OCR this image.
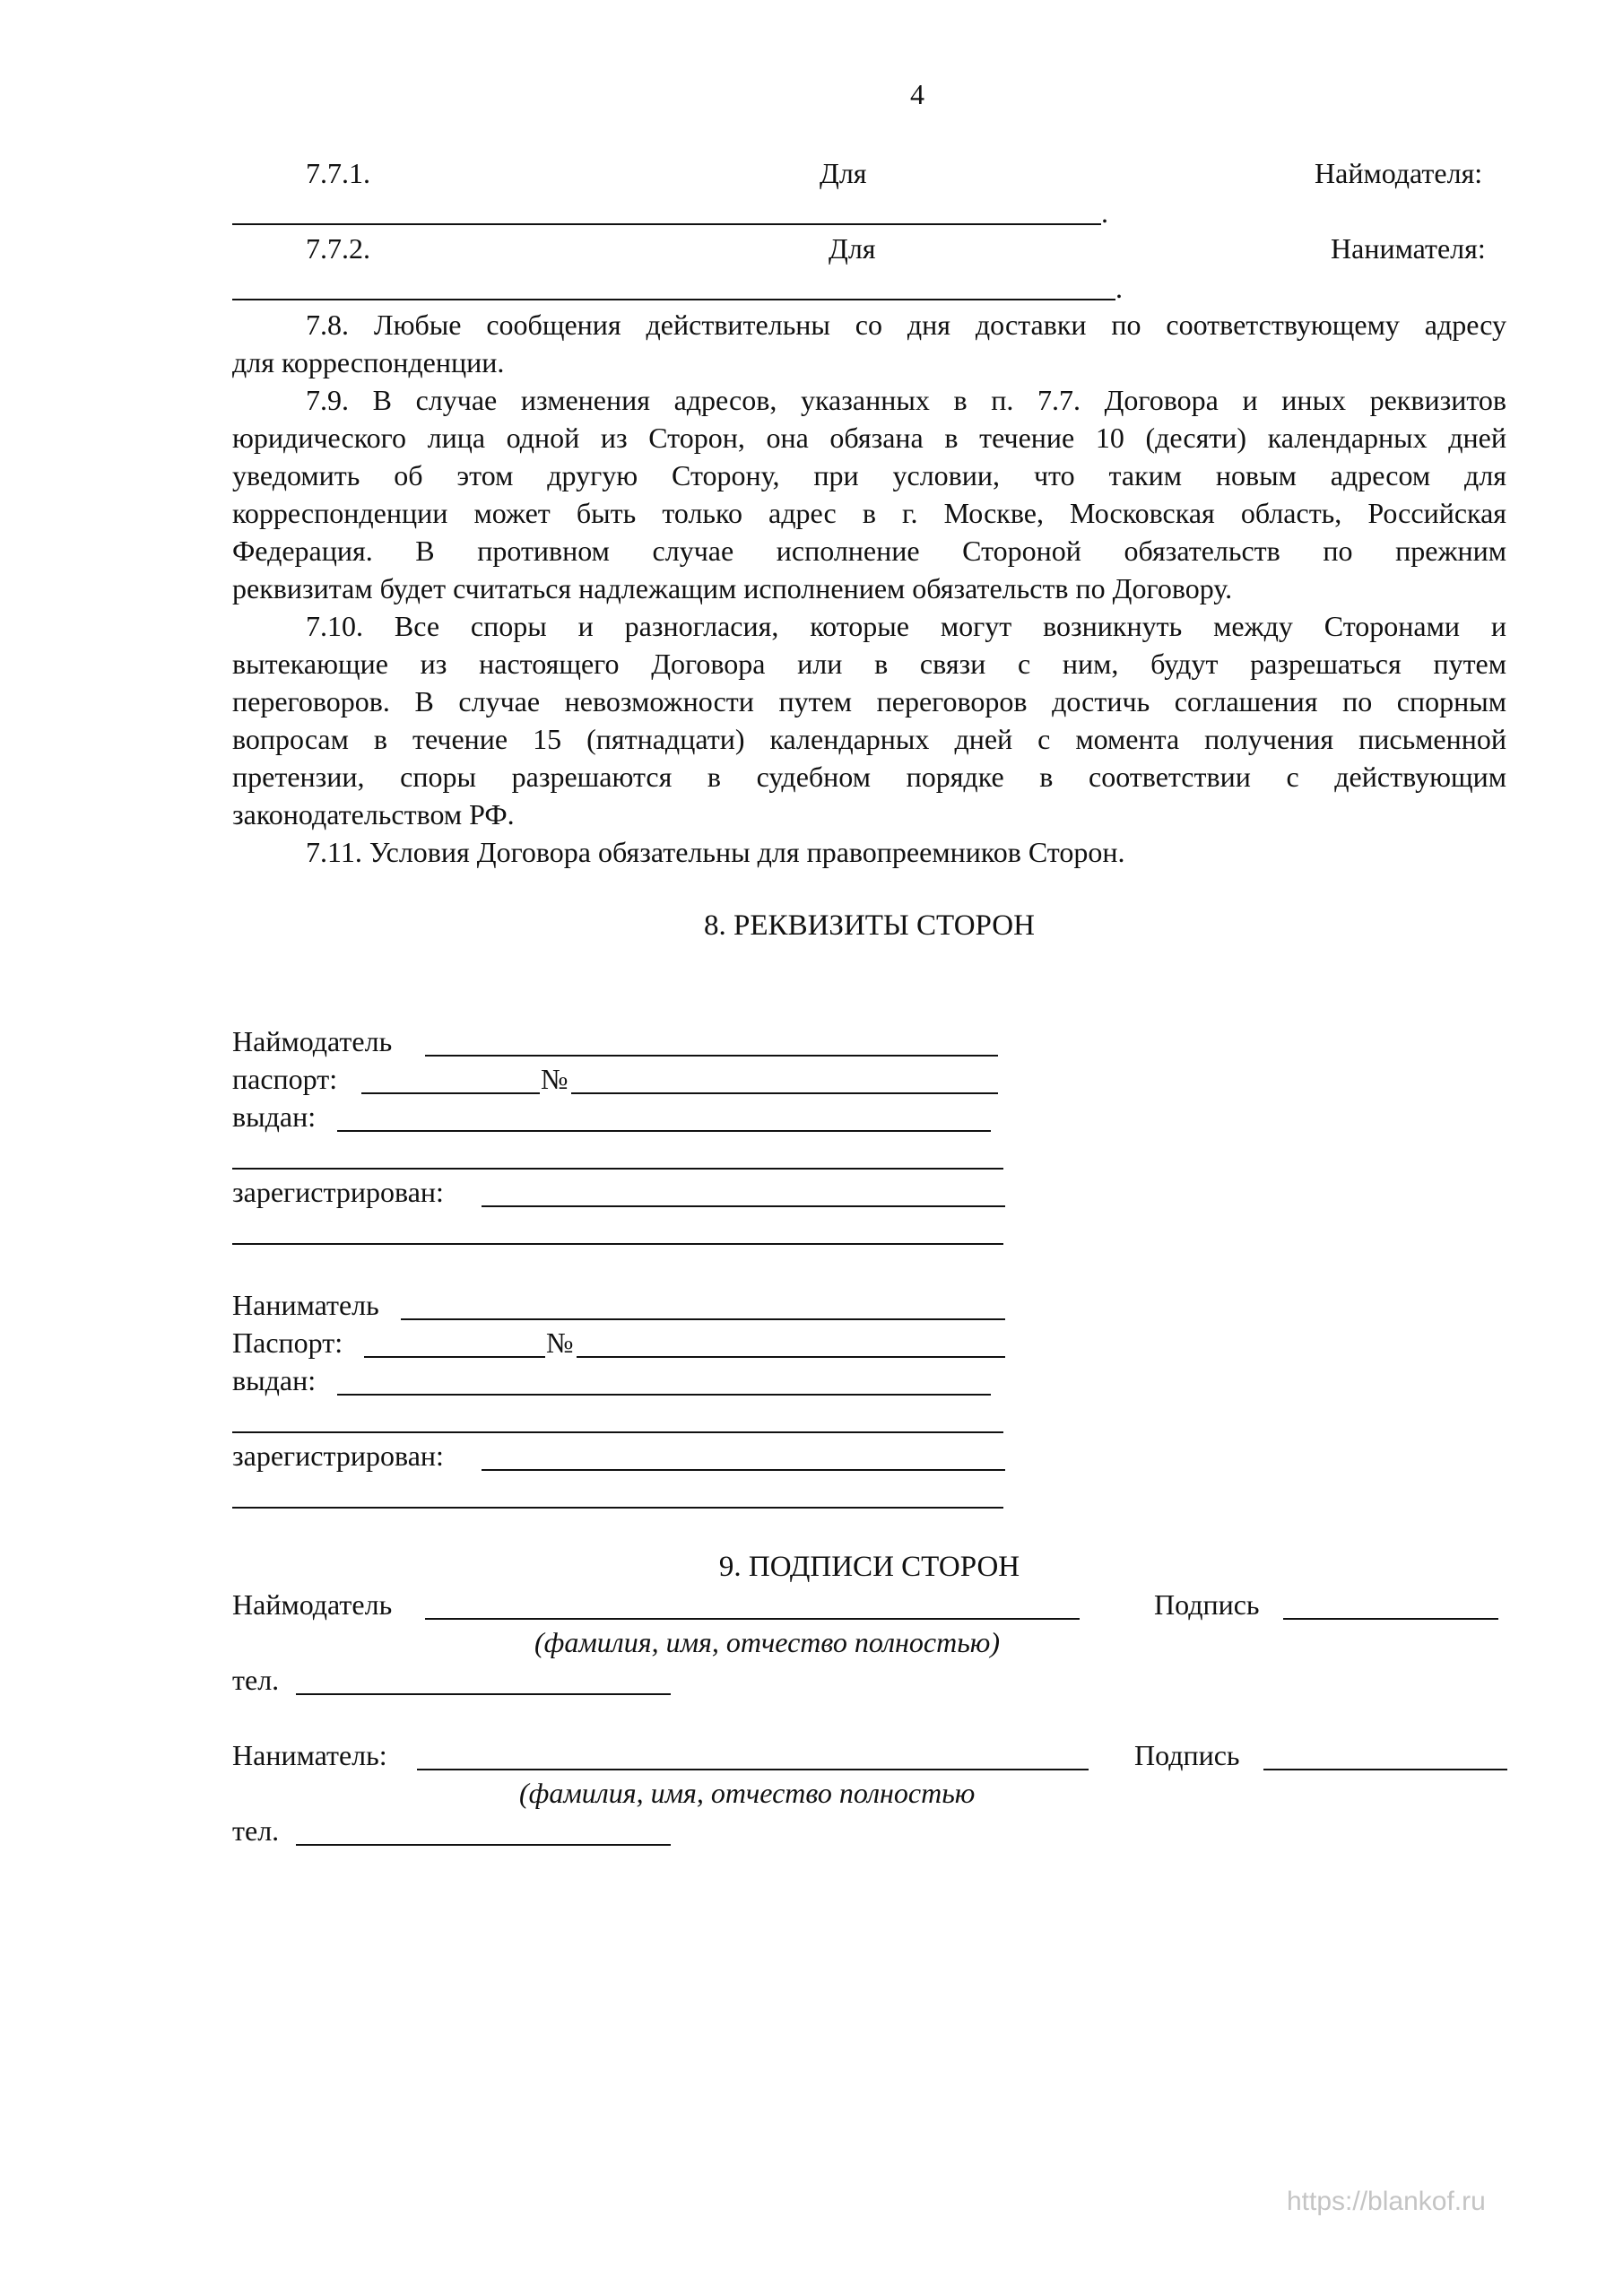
4
7.7.1.	Для	Наймодателя:
.
7.7.2.	Для	Нанимателя:
.
7.8. Любые сообщения действительны со дня доставки по соответствующему адресу
для корреспонденции.
7.9. В случае изменения адресов, указанных в п. 7.7. Договора и иных реквизитов
юридического лица одной из Сторон, она обязана в течение 10 (десяти) календарных дней
уведомить об этом другую Сторону, при условии, что таким новым адресом для
корреспонденции может быть только адрес в г. Москве, Московская область, Российская
Федерация. В противном случае исполнение Стороной обязательств по прежним
реквизитам будет считаться надлежащим исполнением обязательств по Договору.
7.10. Все споры и разногласия, которые могут возникнуть между Сторонами и
вытекающие из настоящего Договора или в связи с ним, будут разрешаться путем
переговоров. В случае невозможности путем переговоров достичь соглашения по спорным
вопросам в течение 15 (пятнадцати) календарных дней с момента получения письменной
претензии, споры разрешаются в судебном порядке в соответствии с действующим
законодательством РФ.
7.11. Условия Договора обязательны для правопреемников Сторон.
8. РЕКВИЗИТЫ СТОРОН
Наймодатель
паспорт:	№
выдан:
зарегистрирован:
Наниматель
Паспорт:	№
выдан:
зарегистрирован:
9. ПОДПИСИ СТОРОН
Наймодатель	Подпись
(фамилия, имя, отчество полностью)
тел.
Наниматель:	Подпись
(фамилия, имя, отчество полностью
тел.
https://blankof.ru
